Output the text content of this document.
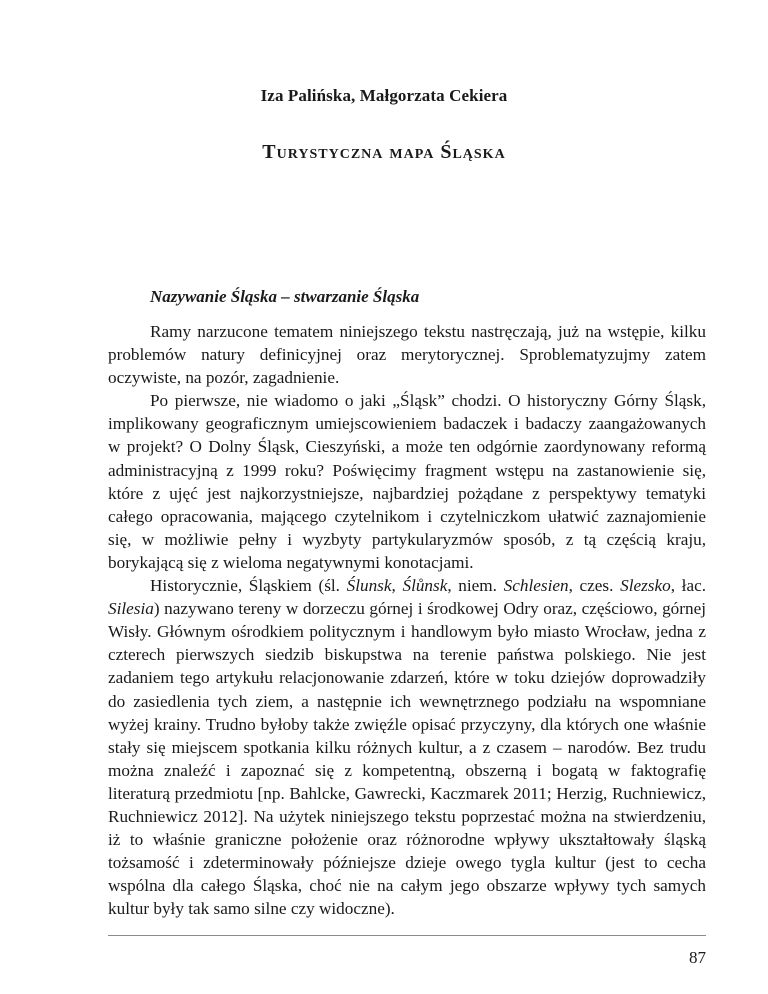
Iza Palińska, Małgorzata Cekiera
Turystyczna mapa Śląska
Nazywanie Śląska – stwarzanie Śląska

Ramy narzucone tematem niniejszego tekstu nastręczają, już na wstępie, kilku problemów natury definicyjnej oraz merytorycznej. Sproblematyzujmy zatem oczywiste, na pozór, zagadnienie.

Po pierwsze, nie wiadomo o jaki „Śląsk” chodzi. O historyczny Górny Śląsk, implikowany geograficznym umiejscowieniem badaczek i badaczy zaangażowanych w projekt? O Dolny Śląsk, Cieszyński, a może ten odgórnie zaordynowany reformą administracyjną z 1999 roku? Poświęcimy fragment wstępu na zastanowienie się, które z ujęć jest najkorzystniejsze, najbardziej pożądane z perspektywy tematyki całego opracowania, mającego czytelnikom i czytelniczkom ułatwić zaznajomienie się, w możliwie pełny i wyzbyty partykularyzmów sposób, z tą częścią kraju, borykającą się z wieloma negatywnymi konotacjami.

Historycznie, Śląskiem (śl. Ślunsk, Ślůnsk, niem. Schlesien, czes. Slezsko, łac. Silesia) nazywano tereny w dorzeczu górnej i środkowej Odry oraz, częściowo, górnej Wisły. Głównym ośrodkiem politycznym i handlowym było miasto Wrocław, jedna z czterech pierwszych siedzib biskupstwa na terenie państwa polskiego. Nie jest zadaniem tego artykułu relacjonowanie zdarzeń, które w toku dziejów doprowadziły do zasiedlenia tych ziem, a następnie ich wewnętrznego podziału na wspomniane wyżej krainy. Trudno byłoby także zwięźle opisać przyczyny, dla których one właśnie stały się miejscem spotkania kilku różnych kultur, a z czasem – narodów. Bez trudu można znaleźć i zapoznać się z kompetentną, obszerną i bogatą w faktografię literaturą przedmiotu [np. Bahlcke, Gawrecki, Kaczmarek 2011; Herzig, Ruchniewicz, Ruchniewicz 2012]. Na użytek niniejszego tekstu poprzestać można na stwierdzeniu, iż to właśnie graniczne położenie oraz różnorodne wpływy ukształtowały śląską tożsamość i zdeterminowały późniejsze dzieje owego tygla kultur (jest to cecha wspólna dla całego Śląska, choć nie na całym jego obszarze wpływy tych samych kultur były tak samo silne czy widoczne).

87
